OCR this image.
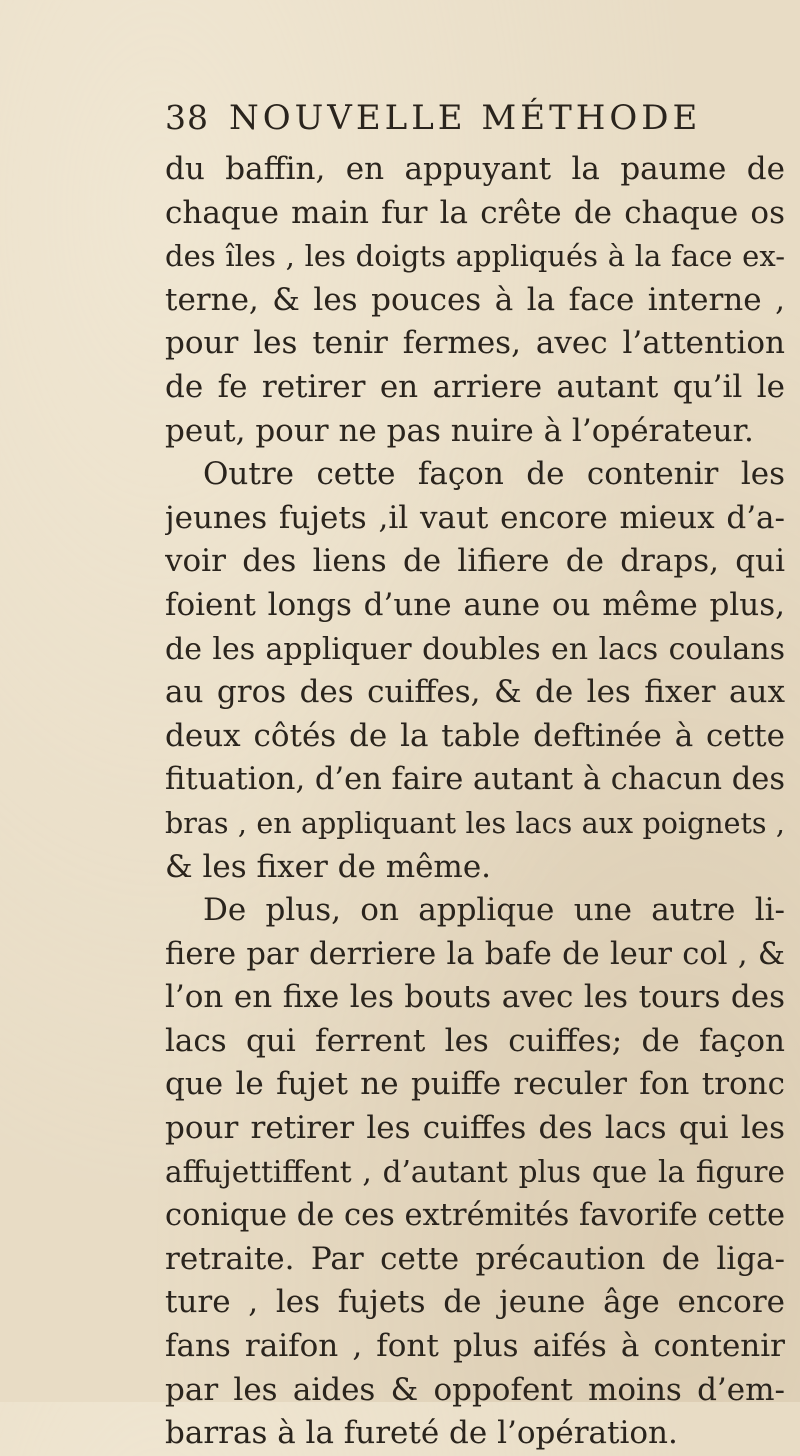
38 NOUVELLE MÉTHODE
du baffin, en appuyant la paume de
chaque main fur la crête de chaque os
des îles , les doigts appliqués à la face ex-
terne, & les pouces à la face interne ,
pour les tenir fermes, avec l’attention
de fe retirer en arriere autant qu’il le
peut, pour ne pas nuire à l’opérateur.
Outre cette façon de contenir les
jeunes fujets ,il vaut encore mieux d’a-
voir des liens de lifiere de draps, qui
foient longs d’une aune ou même plus,
de les appliquer doubles en lacs coulans
au gros des cuiffes, & de les fixer aux
deux côtés de la table deftinée à cette
fituation, d’en faire autant à chacun des
bras , en appliquant les lacs aux poignets ,
& les fixer de même.
De plus, on applique une autre li-
fiere par derriere la bafe de leur col , &
l’on en fixe les bouts avec les tours des
lacs qui ferrent les cuiffes; de façon
que le fujet ne puiffe reculer fon tronc
pour retirer les cuiffes des lacs qui les
affujettiffent , d’autant plus que la figure
conique de ces extrémités favorife cette
retraite. Par cette précaution de liga-
ture , les fujets de jeune âge encore
fans raifon , font plus aifés à contenir
par les aides & oppofent moins d’em-
barras à la fureté de l’opération.
